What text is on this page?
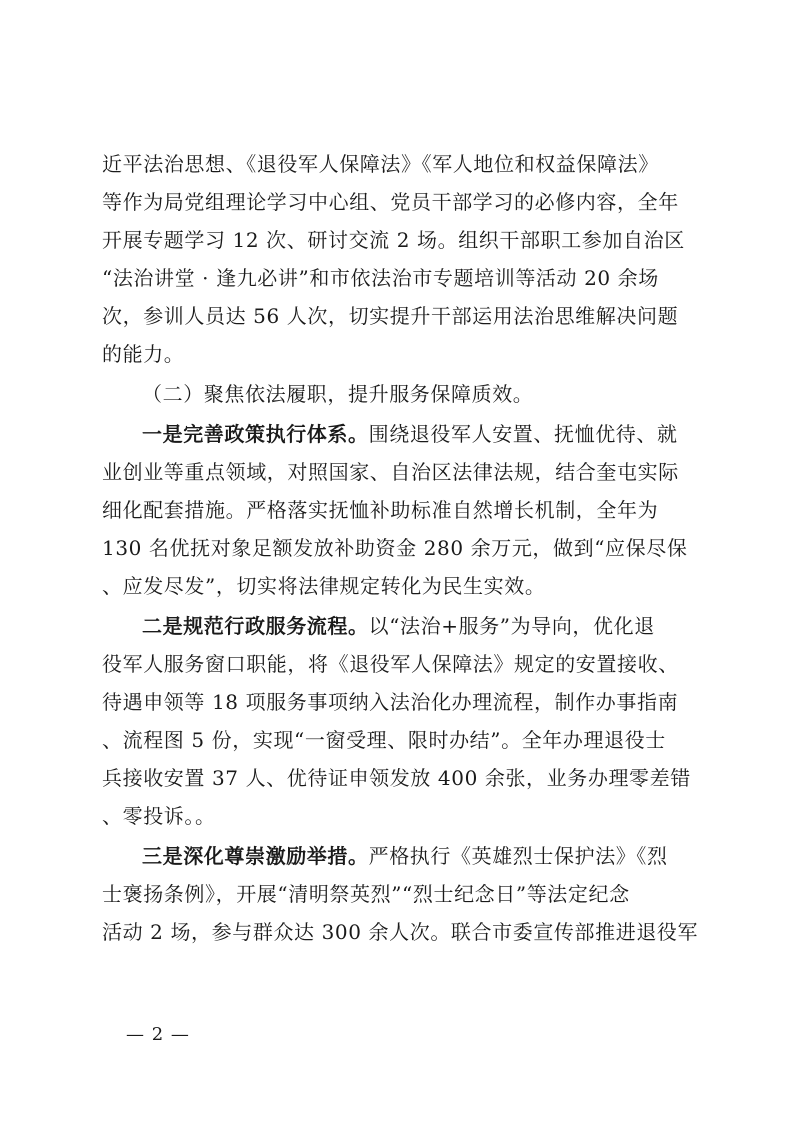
近平法治思想、《退役军人保障法》《军人地位和权益保障法》
等作为局党组理论学习中心组、党员干部学习的必修内容，全年
开展专题学习 12 次、研讨交流 2 场。组织干部职工参加自治区
“法治讲堂 · 逢九必讲”和市依法治市专题培训等活动 20 余场
次，参训人员达 56 人次，切实提升干部运用法治思维解决问题
的能力。
（二）聚焦依法履职，提升服务保障质效。
一是完善政策执行体系。围绕退役军人安置、抚恤优待、就
业创业等重点领域，对照国家、自治区法律法规，结合奎屯实际
细化配套措施。严格落实抚恤补助标准自然增长机制，全年为
130 名优抚对象足额发放补助资金 280 余万元，做到“应保尽保
、应发尽发”，切实将法律规定转化为民生实效。
二是规范行政服务流程。以“法治+服务”为导向，优化退
役军人服务窗口职能，将《退役军人保障法》规定的安置接收、
待遇申领等 18 项服务事项纳入法治化办理流程，制作办事指南
、流程图 5 份，实现“一窗受理、限时办结”。全年办理退役士
兵接收安置 37 人、优待证申领发放 400 余张，业务办理零差错
、零投诉。。
三是深化尊崇激励举措。严格执行《英雄烈士保护法》《烈
士褒扬条例》，开展“清明祭英烈”“烈士纪念日”等法定纪念
活动 2 场，参与群众达 300 余人次。联合市委宣传部推进退役军
— 2 —
